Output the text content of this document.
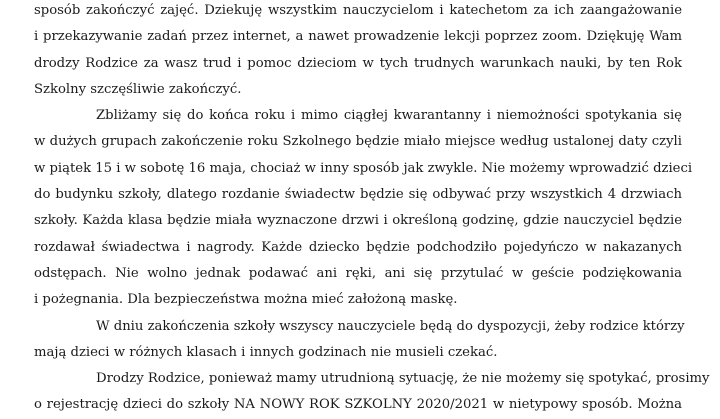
sposób zakończyć zajęć. Dziekuję wszystkim nauczycielom i katechetom za ich zaangażowanie
i przekazywanie zadań przez internet, a nawet prowadzenie lekcji poprzez zoom. Dziękuję Wam
drodzy Rodzice za wasz trud i pomoc dzieciom w tych trudnych warunkach nauki, by ten Rok
Szkolny szczęśliwie zakończyć.
Zbliżamy się do końca roku i mimo ciągłej kwarantanny i niemożności spotykania się
w dużych grupach zakończenie roku Szkolnego będzie miało miejsce według ustalonej daty czyli
w piątek 15 i w sobotę 16 maja, chociaż w inny sposób jak zwykle. Nie możemy wprowadzić dzieci
do budynku szkoły, dlatego rozdanie świadectw będzie się odbywać przy wszystkich 4 drzwiach
szkoły. Każda klasa będzie miała wyznaczone drzwi i określoną godzinę, gdzie nauczyciel będzie
rozdawał świadectwa i nagrody. Każde dziecko będzie podchodziło pojedyńczo w nakazanych
odstępach. Nie wolno jednak podawać ani ręki, ani się przytulać w geście podziękowania
i pożegnania. Dla bezpieczeństwa można mieć założoną maskę.
W dniu zakończenia szkoły wszyscy nauczyciele będą do dyspozycji, żeby rodzice którzy
mają dzieci w różnych klasach i innych godzinach nie musieli czekać.
Drodzy Rodzice, ponieważ mamy utrudnioną sytuację, że nie możemy się spotykać, prosimy
o rejestrację dzieci do szkoły NA NOWY ROK SZKOLNY 2020/2021 w nietypowy sposób. Można
